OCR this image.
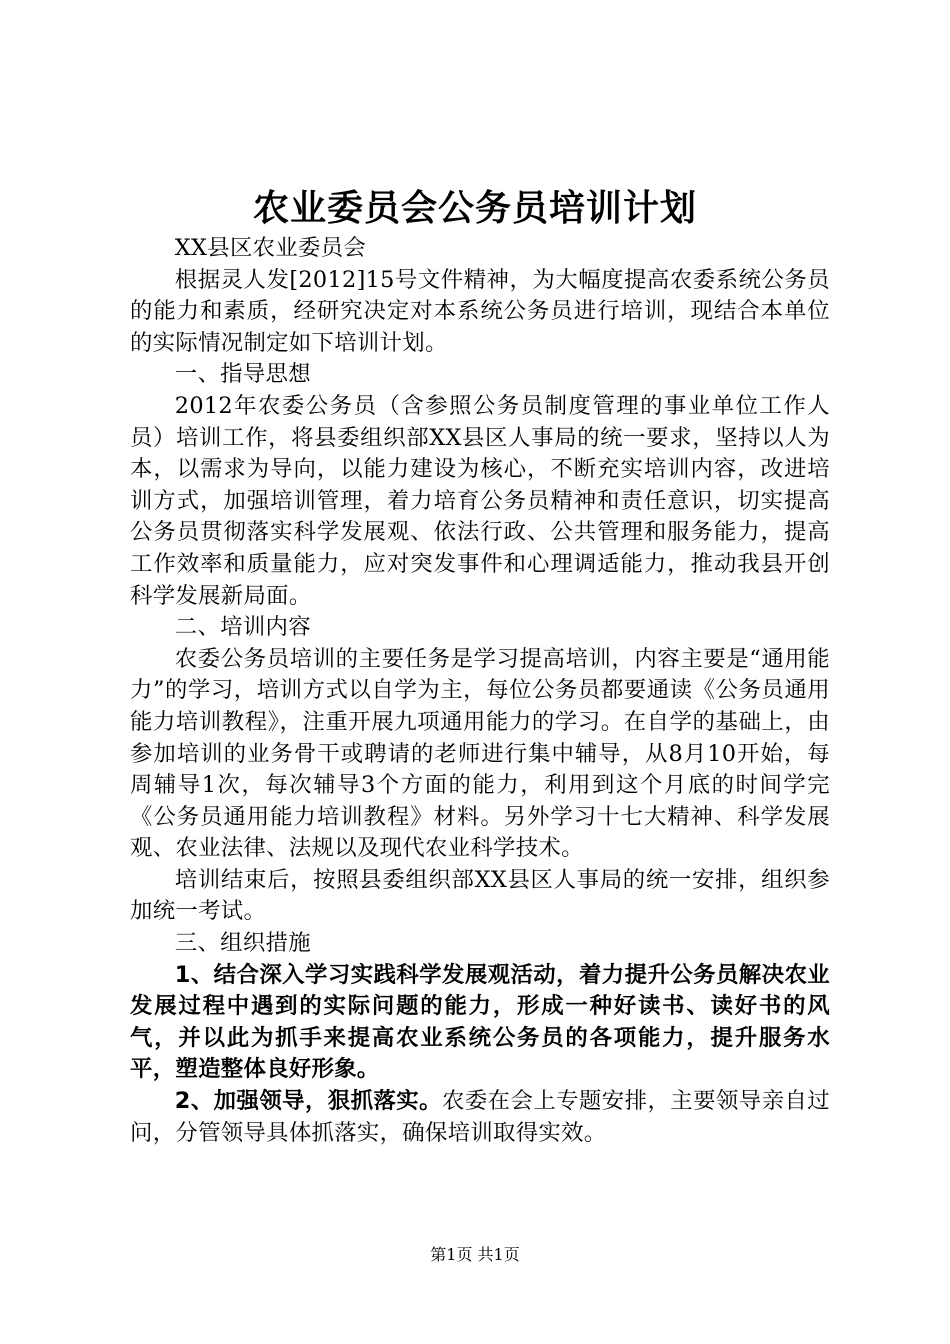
农业委员会公务员培训计划

XX县区农业委员会

根据灵人发[2012]15号文件精神，为大幅度提高农委系统公务员的能力和素质，经研究决定对本系统公务员进行培训，现结合本单位的实际情况制定如下培训计划。

一、指导思想

2012年农委公务员（含参照公务员制度管理的事业单位工作人员）培训工作，将县委组织部XX县区人事局的统一要求，坚持以人为本，以需求为导向，以能力建设为核心，不断充实培训内容，改进培训方式，加强培训管理，着力培育公务员精神和责任意识，切实提高公务员贯彻落实科学发展观、依法行政、公共管理和服务能力，提高工作效率和质量能力，应对突发事件和心理调适能力，推动我县开创科学发展新局面。

二、培训内容

农委公务员培训的主要任务是学习提高培训，内容主要是“通用能力”的学习，培训方式以自学为主，每位公务员都要通读《公务员通用能力培训教程》，注重开展九项通用能力的学习。在自学的基础上，由参加培训的业务骨干或聘请的老师进行集中辅导，从8月10开始，每周辅导1次，每次辅导3个方面的能力，利用到这个月底的时间学完《公务员通用能力培训教程》材料。另外学习十七大精神、科学发展观、农业法律、法规以及现代农业科学技术。

培训结束后，按照县委组织部XX县区人事局的统一安排，组织参加统一考试。

三、组织措施

1、结合深入学习实践科学发展观活动，着力提升公务员解决农业发展过程中遇到的实际问题的能力，形成一种好读书、读好书的风气，并以此为抓手来提高农业系统公务员的各项能力，提升服务水平，塑造整体良好形象。

2、加强领导，狠抓落实。农委在会上专题安排，主要领导亲自过问，分管领导具体抓落实，确保培训取得实效。

第1页 共1页
